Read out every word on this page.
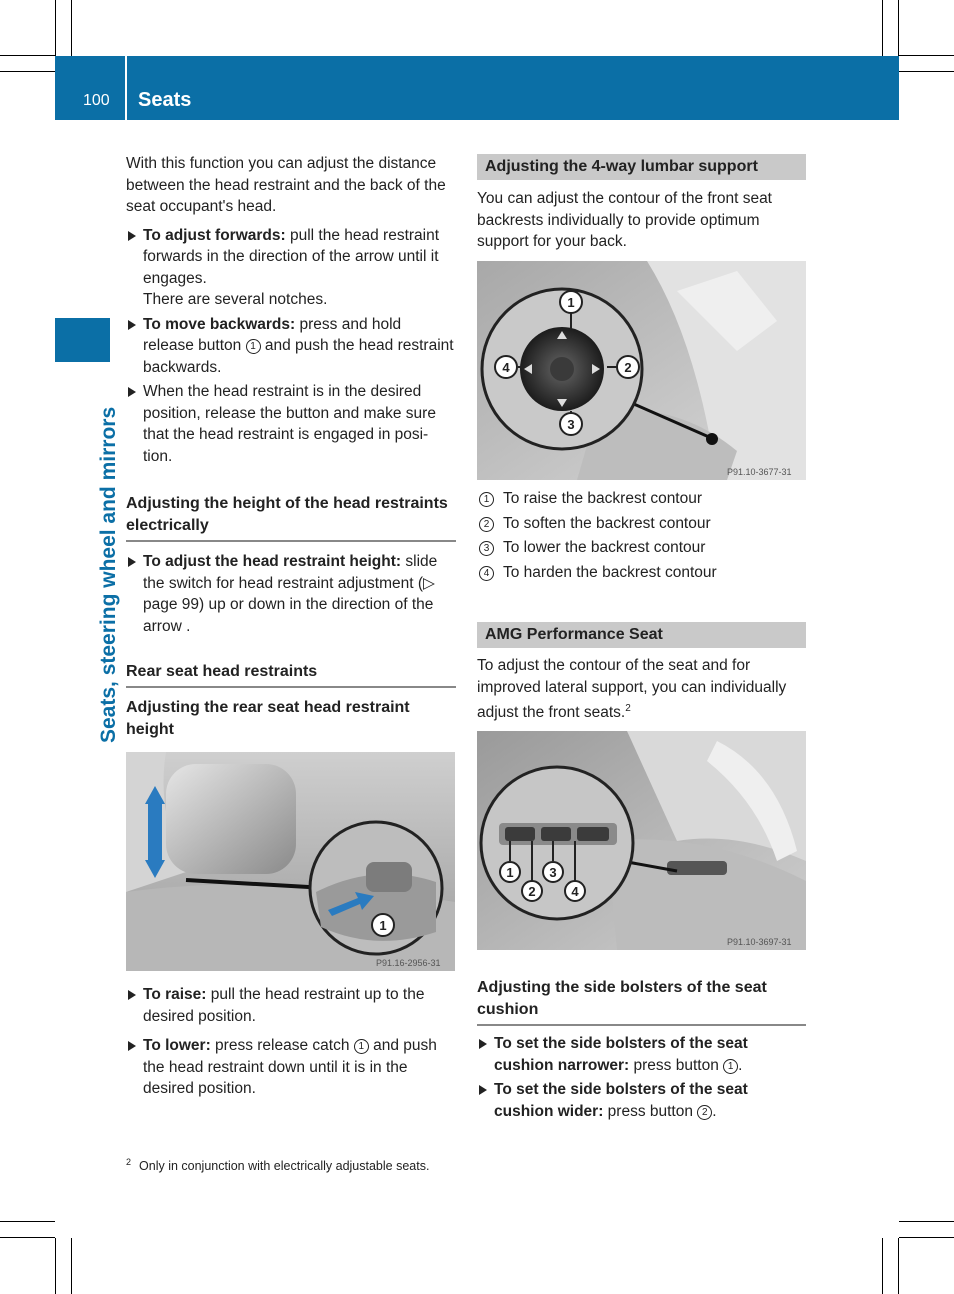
100 Seats
Seats, steering wheel and mirrors

With this function you can adjust the distance between the head restraint and the back of the seat occupant's head.

To adjust forwards: pull the head restraint forwards in the direction of the arrow until it engages.
There are several notches.
To move backwards: press and hold release button 1 and push the head restraint backwards.
When the head restraint is in the desired position, release the button and make sure that the head restraint is engaged in posi-tion.
Adjusting the height of the head restraints electrically
To adjust the head restraint height: slide the switch for head restraint adjustment (▷ page 99) up or down in the direction of the arrow .
Rear seat head restraints
Adjusting the rear seat head restraint height
1
P91.16-2956-31
To raise: pull the head restraint up to the desired position.
To lower: press release catch 1 and push the head restraint down until it is in the desired position.
Adjusting the 4-way lumbar support

You can adjust the contour of the front seat backrests individually to provide optimum support for your back.

1
2
3
4
P91.10-3677-31
1 To raise the backrest contour
2 To soften the backrest contour
3 To lower the backrest contour
4 To harden the backrest contour
AMG Performance Seat

To adjust the contour of the seat and for improved lateral support, you can individually adjust the front seats.$^2$

1
2
3
4
P91.10-3697-31
Adjusting the side bolsters of the seat cushion
To set the side bolsters of the seat cushion narrower: press button 1 .
To set the side bolsters of the seat cushion wider: press button 2 .
$^2$ Only in conjunction with electrically adjustable seats.
